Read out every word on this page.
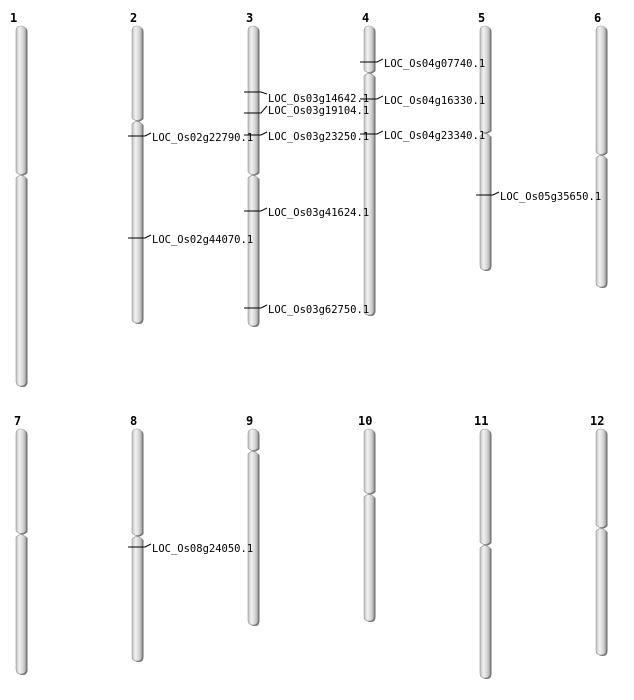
1	2	3	4	5	6
7	8	9	10	11	12
LOC_Os02g22790.1
LOC_Os02g44070.1
LOC_Os03g14642.1
LOC_Os03g19104.1
LOC_Os03g23250.1
LOC_Os03g41624.1
LOC_Os03g62750.1
LOC_Os04g07740.1
LOC_Os04g16330.1
LOC_Os04g23340.1
LOC_Os05g35650.1
LOC_Os08g24050.1
